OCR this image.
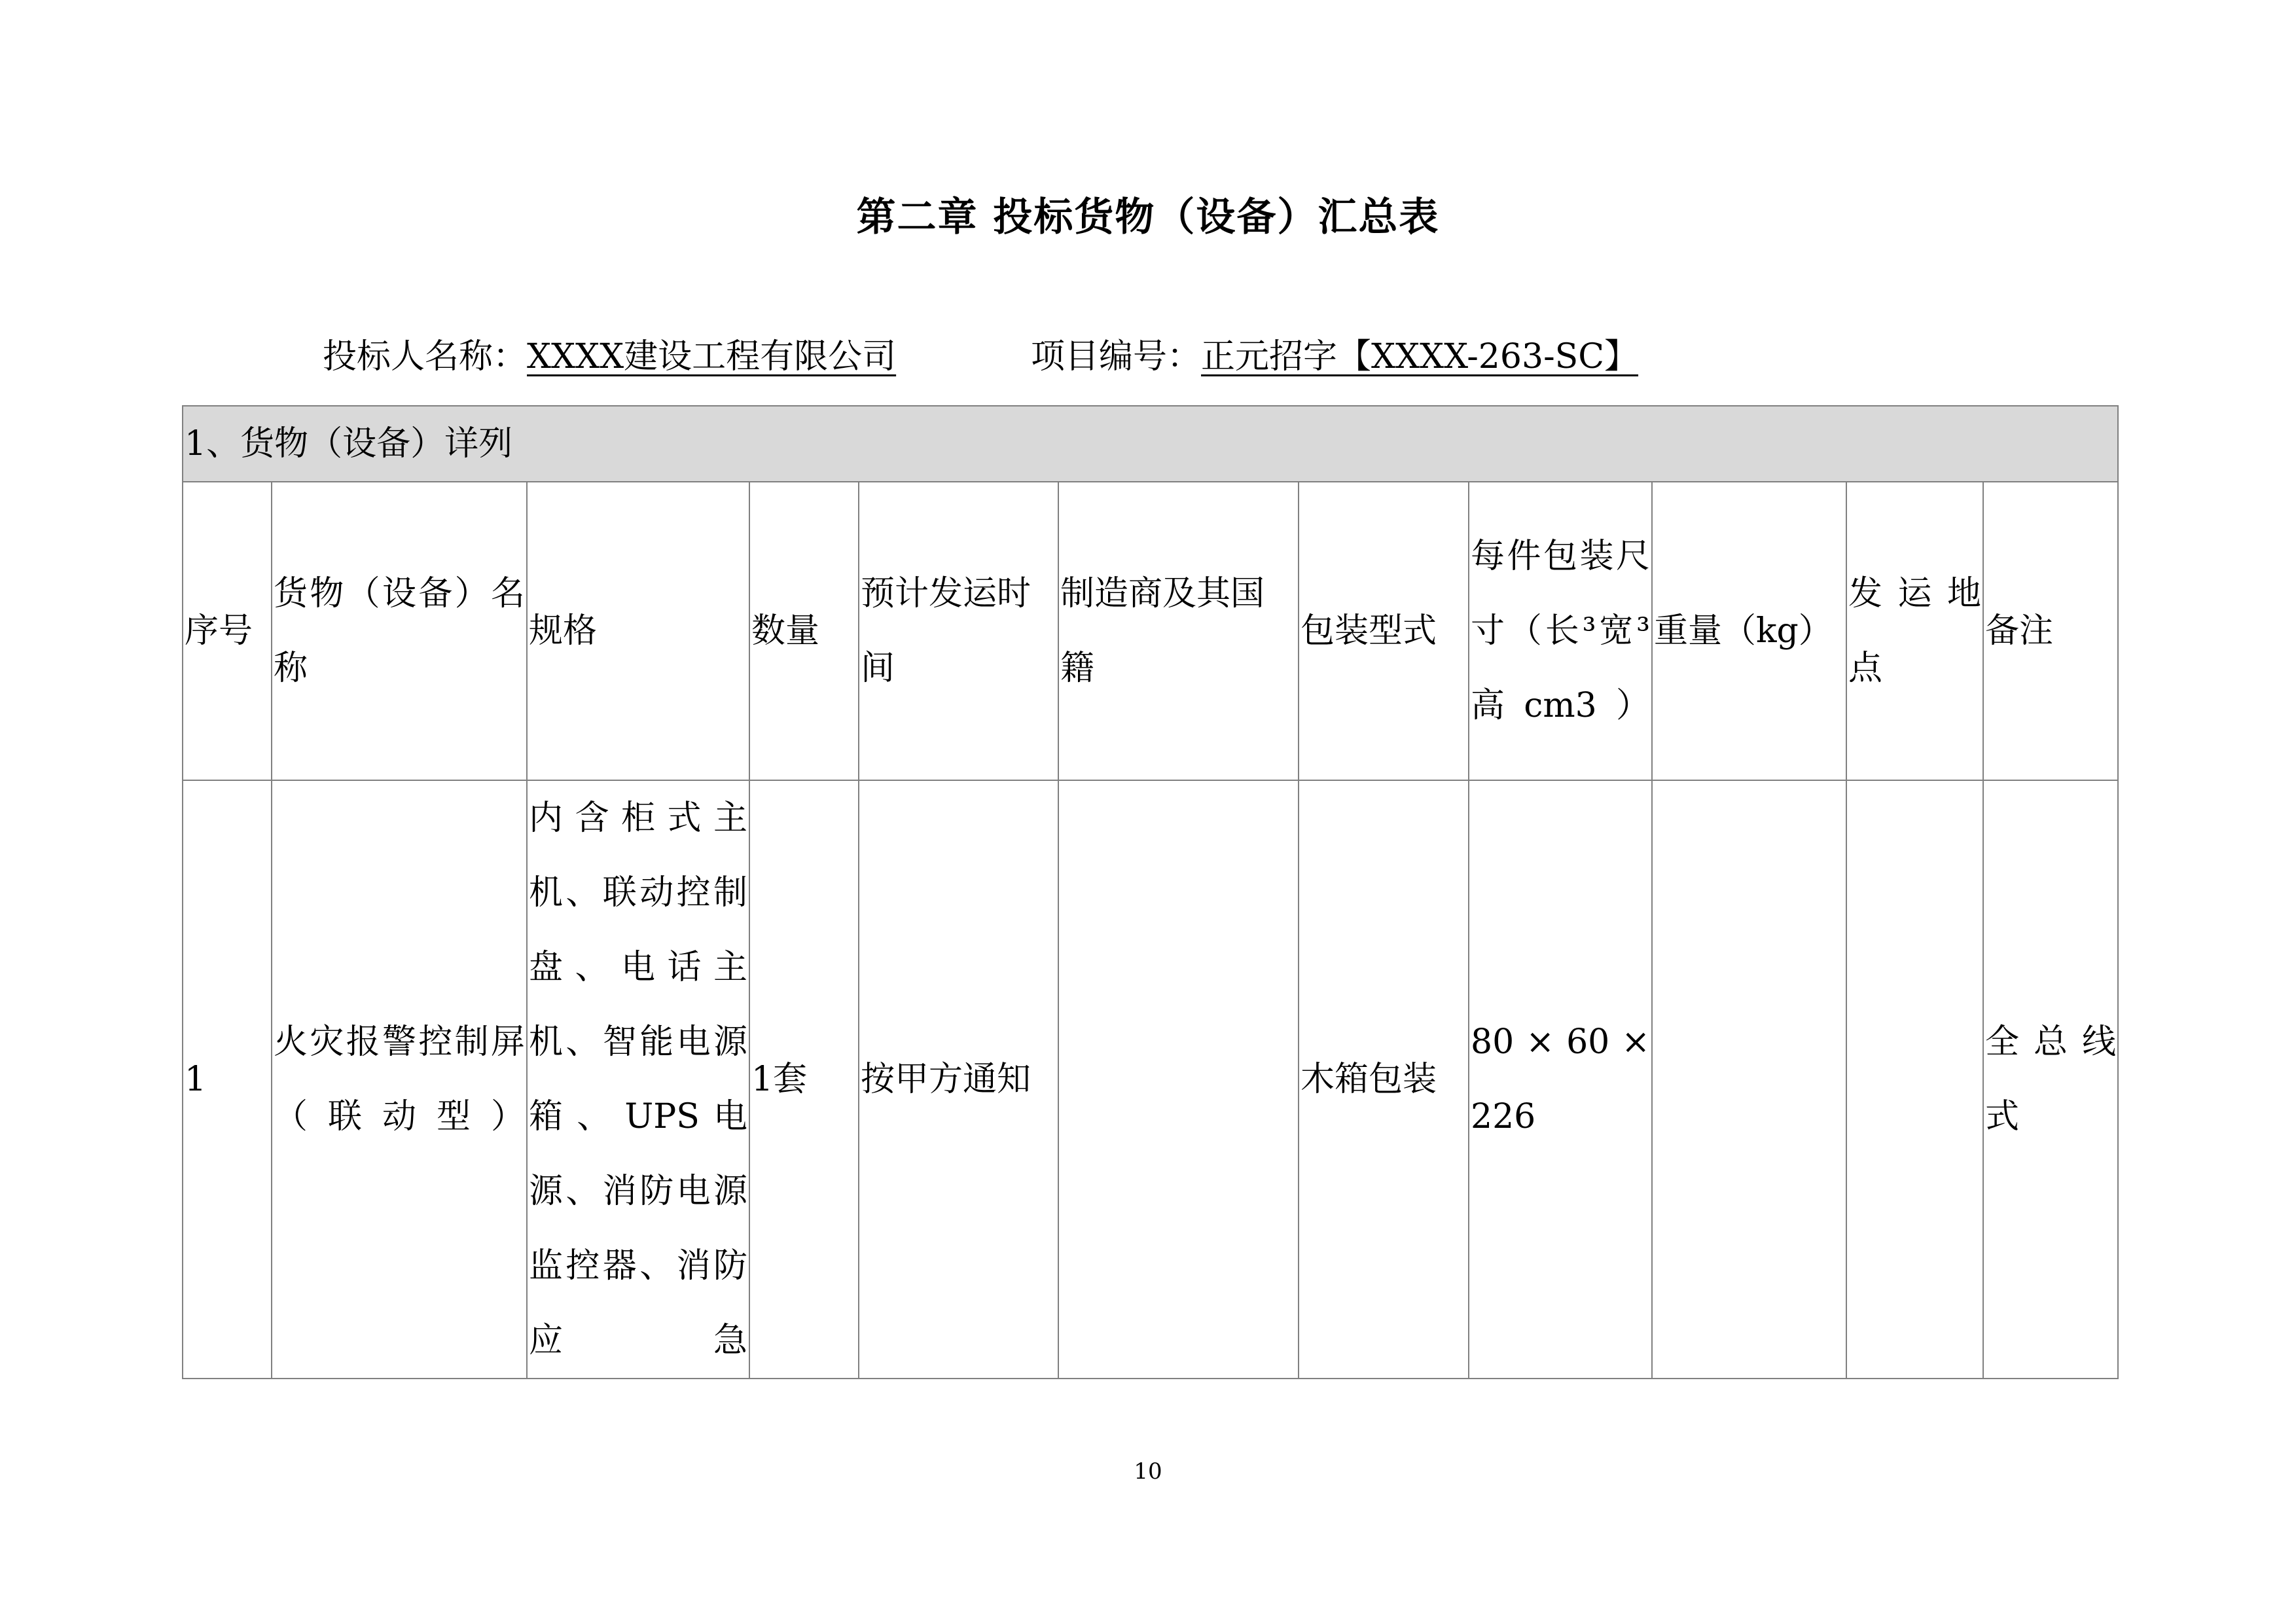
第二章 投标货物（设备）汇总表
投标人名称：XXXX建设工程有限公司	项目编号：正元招字【XXXX-263-SC】
1、货物（设备）详列										
序号	货物（设备）名称	规格	数量	预计发运时间	制造商及其国籍	包装型式	每件包装尺寸（长³宽³高cm3）	重量（kg）	发运地点	备注
1	火灾报警控制屏（联动型）	内含柜式主机、联动控制盘、电话主机、智能电源箱、UPS电源、消防电源监控器、消防应急	1套	按甲方通知		木箱包装	80 × 60 × 226			全总线式
10
